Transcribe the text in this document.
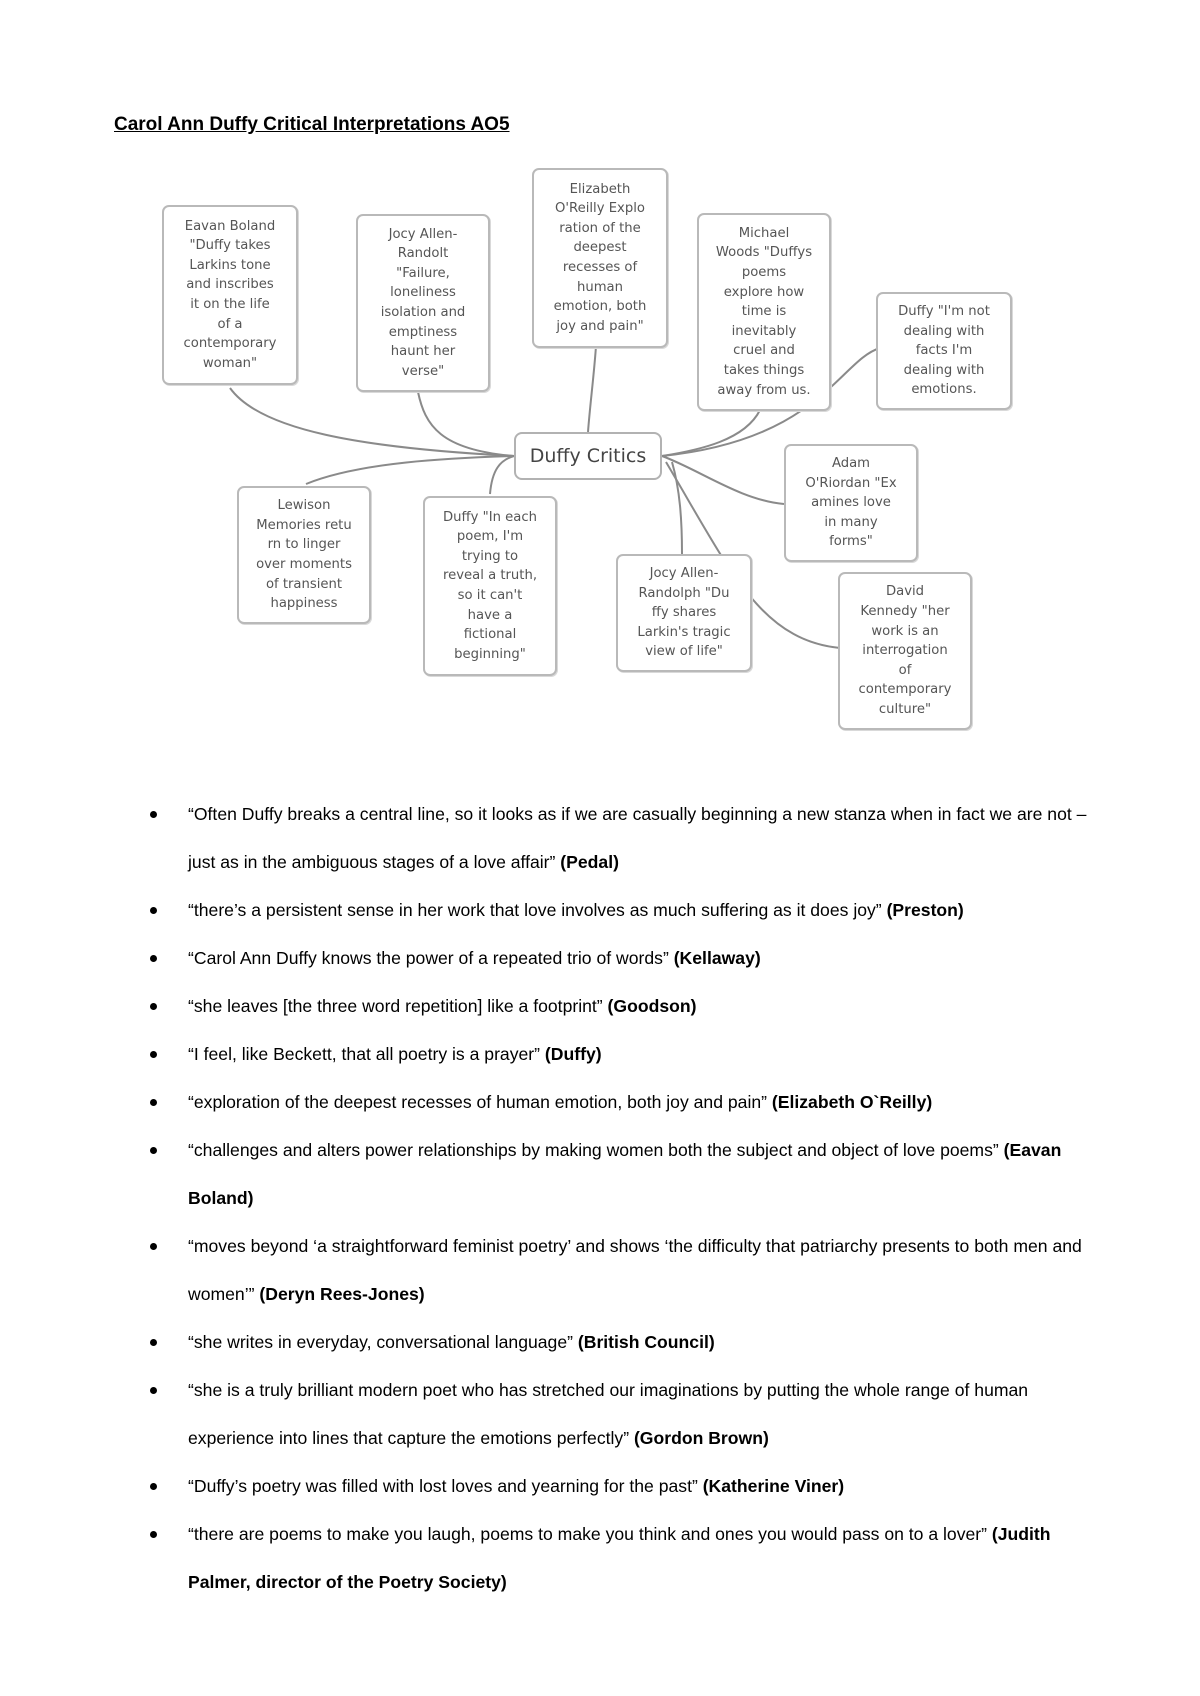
Carol Ann Duffy Critical Interpretations AO5
Duffy Critics
Eavan Boland
"Duffy takes
Larkins tone
and inscribes
it on the life
of a
contemporary
woman"
Jocy Allen-
Randolt
"Failure,
loneliness
isolation and
emptiness
haunt her
verse"
Elizabeth
O'Reilly Explo
ration of the
deepest
recesses of
human
emotion, both
joy and pain"
Michael
Woods "Duffys
poems
explore how
time is
inevitably
cruel and
takes things
away from us.
Duffy "I'm not
dealing with
facts I'm
dealing with
emotions.
Adam
O'Riordan "Ex
amines love
in many
forms"
David
Kennedy "her
work is an
interrogation
of
contemporary
culture"
Jocy Allen-
Randolph "Du
ffy shares
Larkin's tragic
view of life"
Duffy "In each
poem, I'm
trying to
reveal a truth,
so it can't
have a
fictional
beginning"
Lewison
Memories retu
rn to linger
over moments
of transient
happiness
“Often Duffy breaks a central line, so it looks as if we are casually beginning a new stanza when in fact we are not – just as in the ambiguous stages of a love affair” (Pedal)
“there’s a persistent sense in her work that love involves as much suffering as it does joy” (Preston)
“Carol Ann Duffy knows the power of a repeated trio of words” (Kellaway)
“she leaves [the three word repetition] like a footprint” (Goodson)
“I feel, like Beckett, that all poetry is a prayer” (Duffy)
“exploration of the deepest recesses of human emotion, both joy and pain” (Elizabeth O`Reilly)
“challenges and alters power relationships by making women both the subject and object of love poems” (Eavan Boland)
“moves beyond ‘a straightforward feminist poetry’ and shows ‘the difficulty that patriarchy presents to both men and women’” (Deryn Rees-Jones)
“she writes in everyday, conversational language” (British Council)
“she is a truly brilliant modern poet who has stretched our imaginations by putting the whole range of human experience into lines that capture the emotions perfectly” (Gordon Brown)
“Duffy’s poetry was filled with lost loves and yearning for the past” (Katherine Viner)
“there are poems to make you laugh, poems to make you think and ones you would pass on to a lover” (Judith Palmer, director of the Poetry Society)
